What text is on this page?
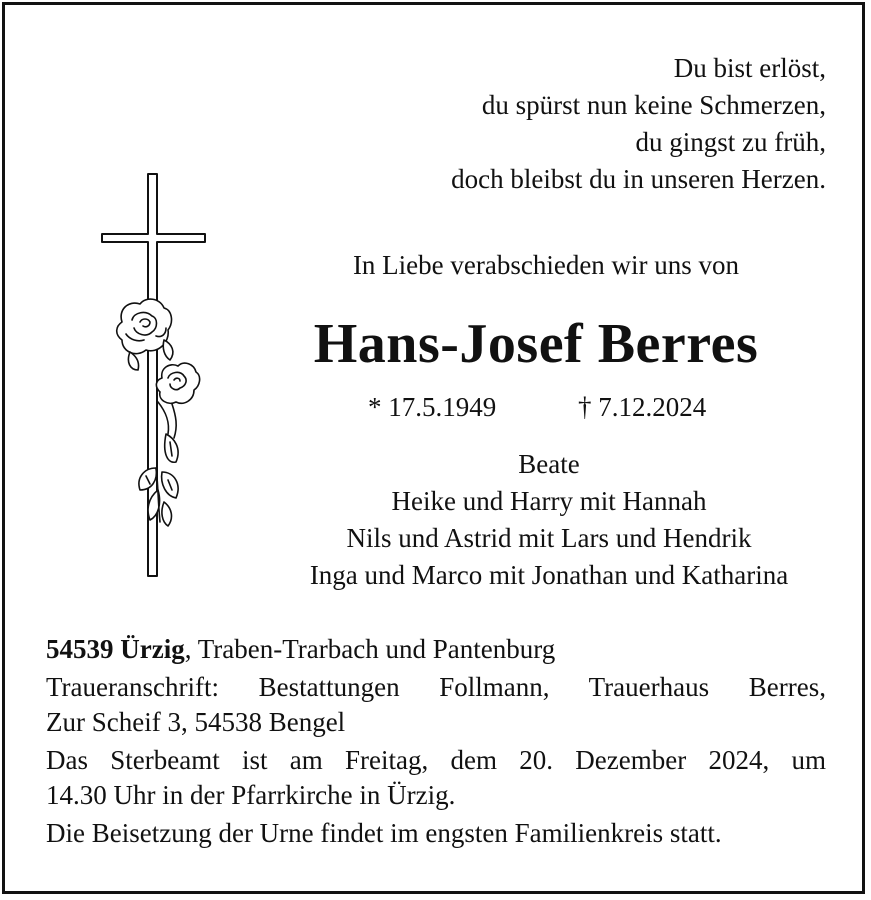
Du bist erlöst,
du spürst nun keine Schmerzen,
du gingst zu früh,
doch bleibst du in unseren Herzen.
In Liebe verabschieden wir uns von
Hans-Josef Berres
* 17.5.1949	† 7.12.2024
Beate
Heike und Harry mit Hannah
Nils und Astrid mit Lars und Hendrik
Inga und Marco mit Jonathan und Katharina
54539 Ürzig, Traben-Trarbach und Pantenburg
Traueranschrift: Bestattungen Follmann, Trauerhaus Berres,
Zur Scheif 3, 54538 Bengel
Das Sterbeamt ist am Freitag, dem 20. Dezember 2024, um
14.30 Uhr in der Pfarrkirche in Ürzig.
Die Beisetzung der Urne findet im engsten Familienkreis statt.
